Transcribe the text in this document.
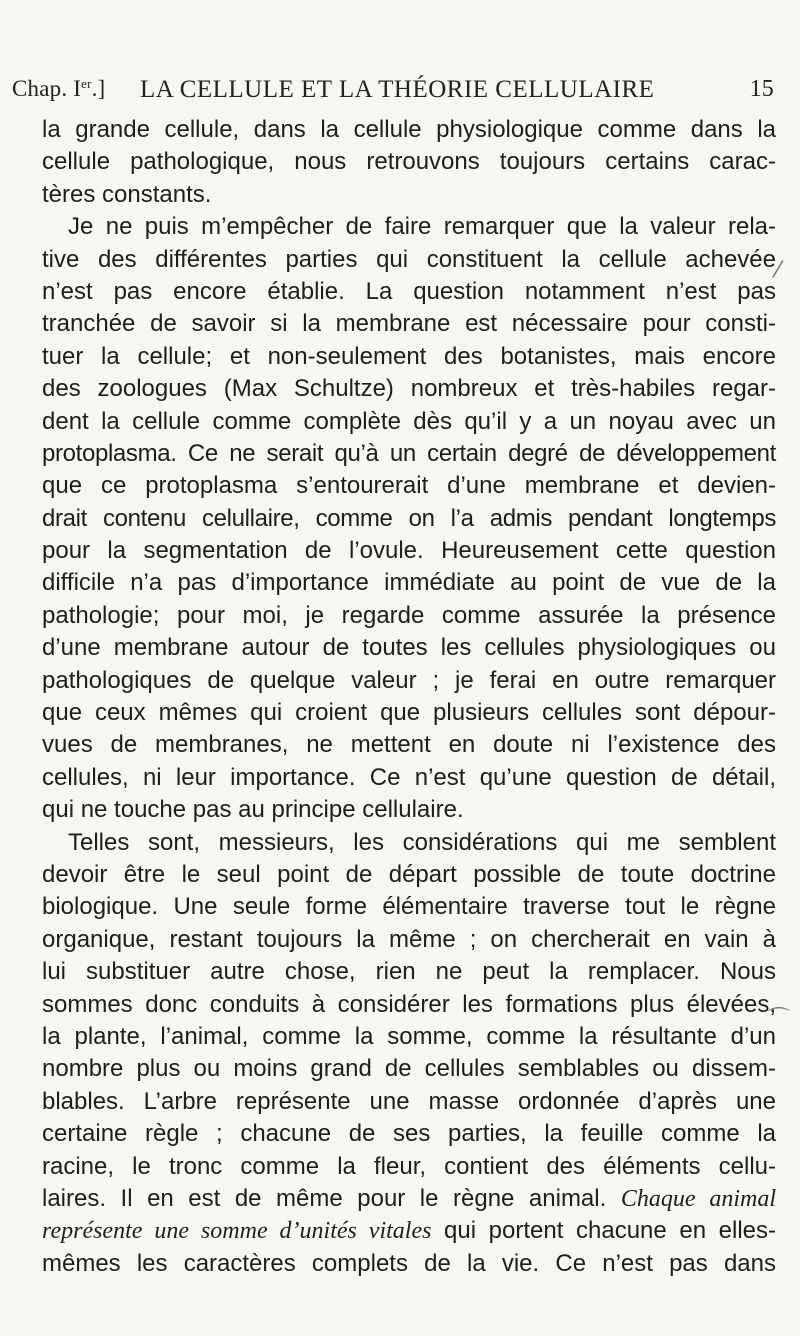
Chap. Ier.] LA CELLULE ET LA THÉORIE CELLULAIRE	15
la grande cellule, dans la cellule physiologique comme dans la
cellule pathologique, nous retrouvons toujours certains carac-
tères constants.
Je ne puis m’empêcher de faire remarquer que la valeur rela-
tive des différentes parties qui constituent la cellule achevée
n’est pas encore établie. La question notamment n’est pas
tranchée de savoir si la membrane est nécessaire pour consti-
tuer la cellule; et non-seulement des botanistes, mais encore
des zoologues (Max Schultze) nombreux et très-habiles regar-
dent la cellule comme complète dès qu’il y a un noyau avec un
protoplasma. Ce ne serait qu’à un certain degré de développement
que ce protoplasma s’entourerait d’une membrane et devien-
drait contenu celullaire, comme on l’a admis pendant longtemps
pour la segmentation de l’ovule. Heureusement cette question
difficile n’a pas d’importance immédiate au point de vue de la
pathologie; pour moi, je regarde comme assurée la présence
d’une membrane autour de toutes les cellules physiologiques ou
pathologiques de quelque valeur ; je ferai en outre remarquer
que ceux mêmes qui croient que plusieurs cellules sont dépour-
vues de membranes, ne mettent en doute ni l’existence des
cellules, ni leur importance. Ce n’est qu’une question de détail,
qui ne touche pas au principe cellulaire.
Telles sont, messieurs, les considérations qui me semblent
devoir être le seul point de départ possible de toute doctrine
biologique. Une seule forme élémentaire traverse tout le règne
organique, restant toujours la même ; on chercherait en vain à
lui substituer autre chose, rien ne peut la remplacer. Nous
sommes donc conduits à considérer les formations plus élevées,
la plante, l’animal, comme la somme, comme la résultante d’un
nombre plus ou moins grand de cellules semblables ou dissem-
blables. L’arbre représente une masse ordonnée d’après une
certaine règle ; chacune de ses parties, la feuille comme la
racine, le tronc comme la fleur, contient des éléments cellu-
laires. Il en est de même pour le règne animal. Chaque animal
représente une somme d’unités vitales qui portent chacune en elles-
mêmes les caractères complets de la vie. Ce n’est pas dans
⁄
⌒
